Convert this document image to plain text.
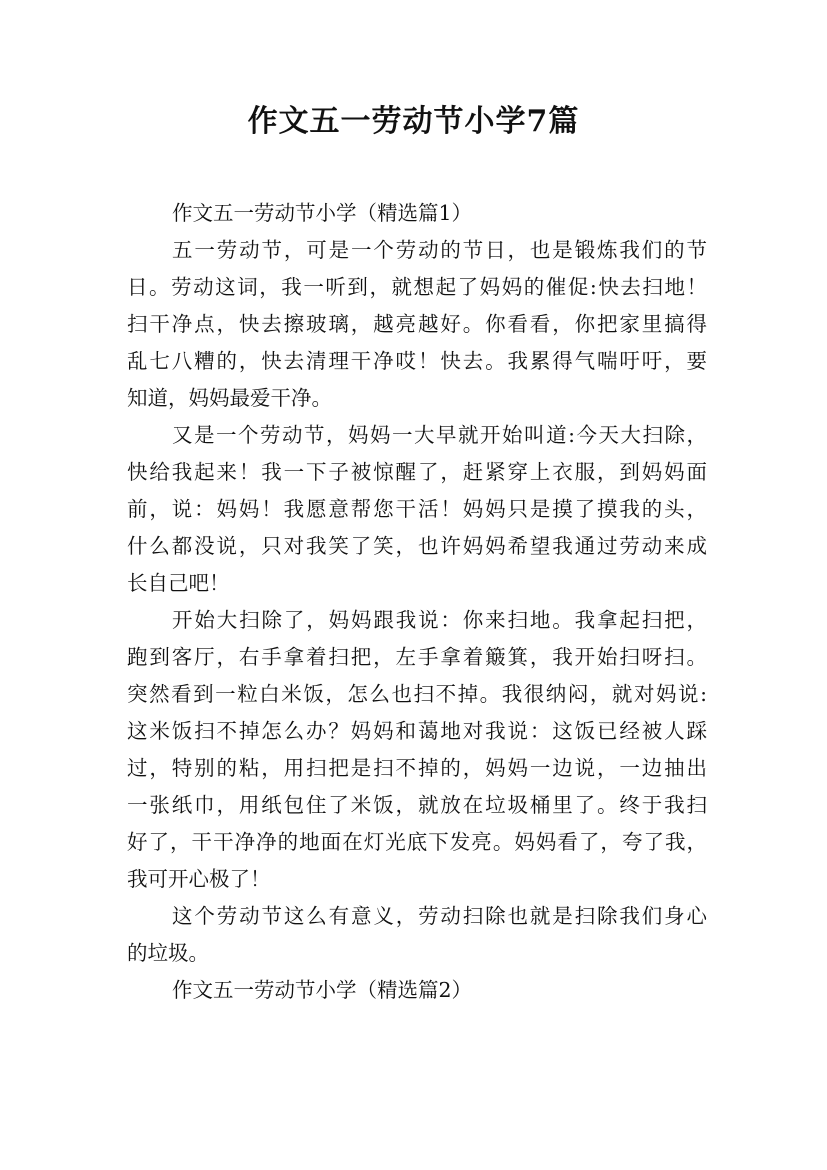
作文五一劳动节小学7篇
作文五一劳动节小学（精选篇1）
五一劳动节，可是一个劳动的节日，也是锻炼我们的节
日。劳动这词，我一听到，就想起了妈妈的催促:快去扫地！
扫干净点，快去擦玻璃，越亮越好。你看看，你把家里搞得
乱七八糟的，快去清理干净哎！快去。我累得气喘吁吁，要
知道，妈妈最爱干净。
又是一个劳动节，妈妈一大早就开始叫道:今天大扫除，
快给我起来！我一下子被惊醒了，赶紧穿上衣服，到妈妈面
前，说：妈妈！我愿意帮您干活！妈妈只是摸了摸我的头，
什么都没说，只对我笑了笑，也许妈妈希望我通过劳动来成
长自己吧！
开始大扫除了，妈妈跟我说：你来扫地。我拿起扫把，
跑到客厅，右手拿着扫把，左手拿着簸箕，我开始扫呀扫。
突然看到一粒白米饭，怎么也扫不掉。我很纳闷，就对妈说:
这米饭扫不掉怎么办？妈妈和蔼地对我说：这饭已经被人踩
过，特别的粘，用扫把是扫不掉的，妈妈一边说，一边抽出
一张纸巾，用纸包住了米饭，就放在垃圾桶里了。终于我扫
好了，干干净净的地面在灯光底下发亮。妈妈看了，夸了我，
我可开心极了！
这个劳动节这么有意义，劳动扫除也就是扫除我们身心
的垃圾。
作文五一劳动节小学（精选篇2）
